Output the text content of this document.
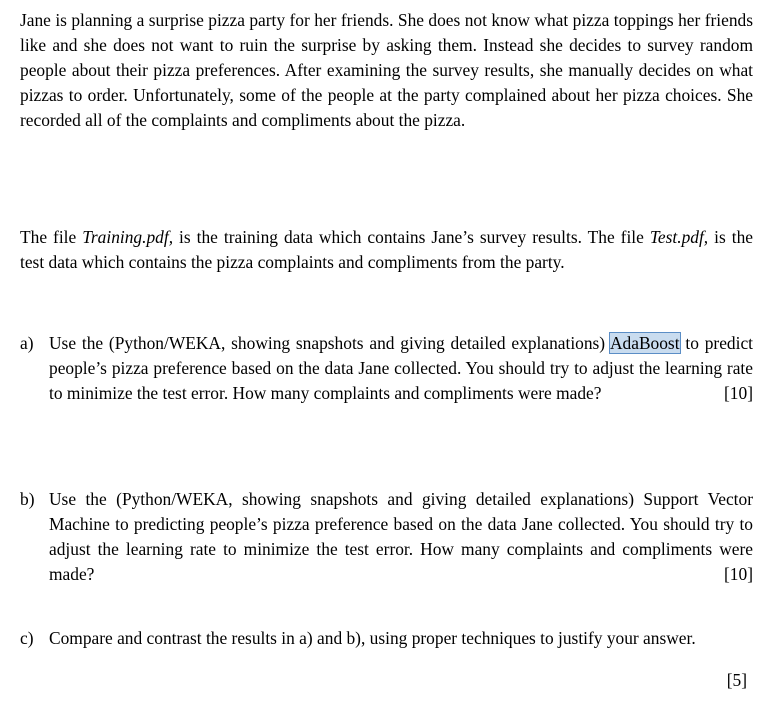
Jane is planning a surprise pizza party for her friends. She does not know what pizza toppings her friends like and she does not want to ruin the surprise by asking them. Instead she decides to survey random people about their pizza preferences. After examining the survey results, she manually decides on what pizzas to order. Unfortunately, some of the people at the party complained about her pizza choices. She recorded all of the complaints and compliments about the pizza.

The file Training.pdf, is the training data which contains Jane’s survey results. The file Test.pdf, is the test data which contains the pizza complaints and compliments from the party.

a) Use the (Python/WEKA, showing snapshots and giving detailed explanations) AdaBoost to predict people’s pizza preference based on the data Jane collected. You should try to adjust the learning rate to minimize the test error. How many complaints and compliments were made?	[10]
b) Use the (Python/WEKA, showing snapshots and giving detailed explanations) Support Vector Machine to predicting people’s pizza preference based on the data Jane collected. You should try to adjust the learning rate to minimize the test error. How many complaints and compliments were made?	[10]
c) Compare and contrast the results in a) and b), using proper techniques to justify your answer.
[5]
